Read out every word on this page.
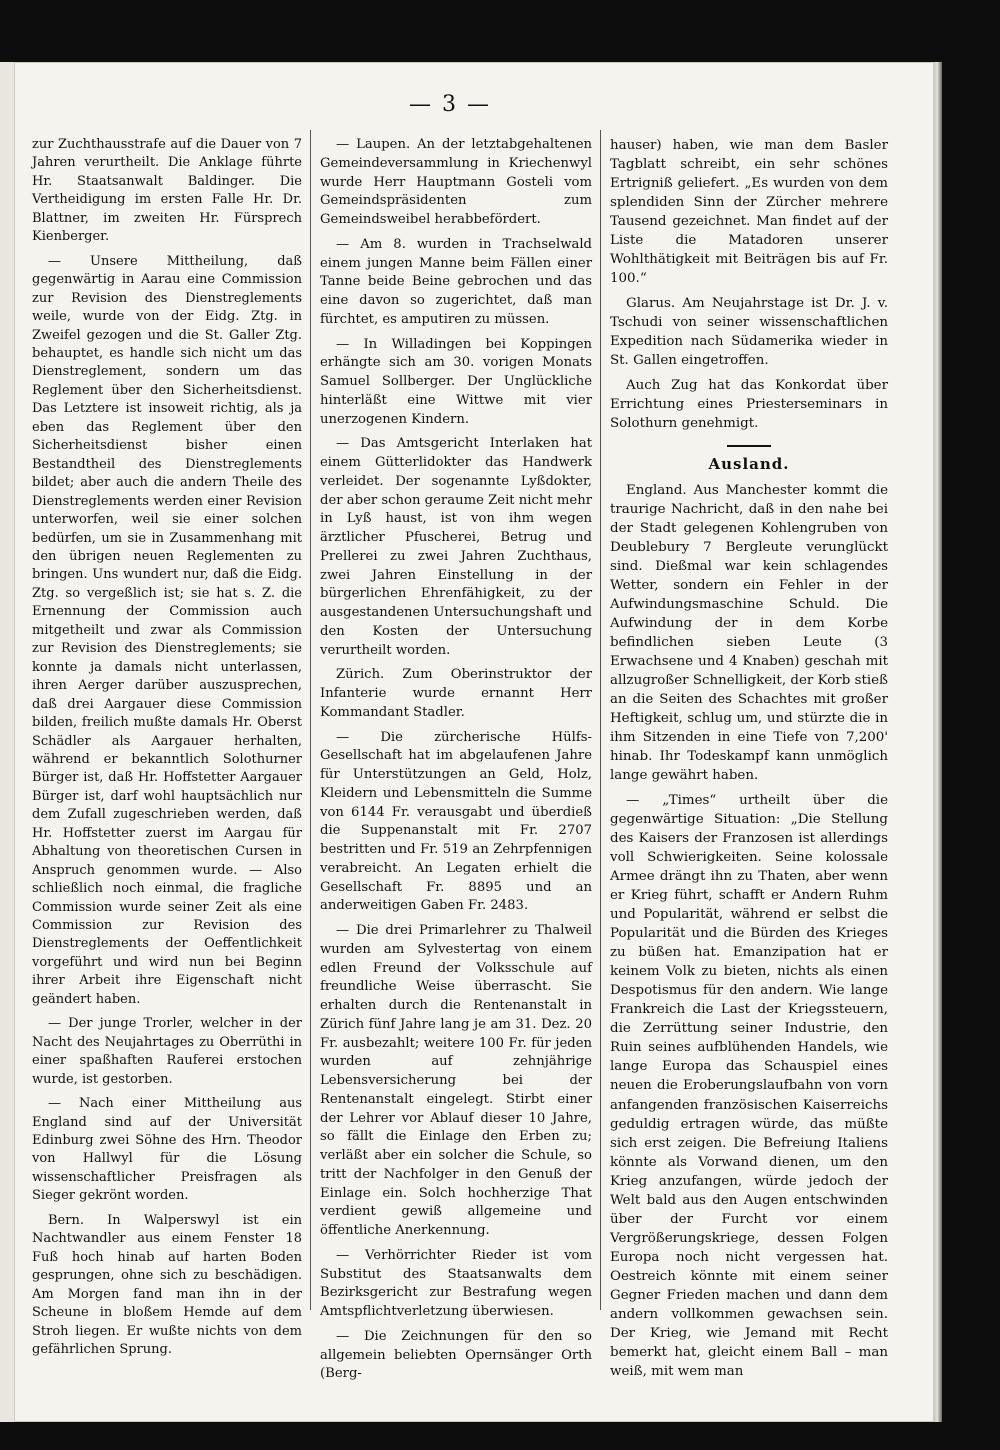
— 3 —

zur Zuchthausstrafe auf die Dauer von 7 Jahren verurtheilt. Die Anklage führte Hr. Staatsanwalt Baldinger. Die Vertheidigung im ersten Falle Hr. Dr. Blattner, im zweiten Hr. Fürsprech Kienberger.

— Unsere Mittheilung, daß gegenwärtig in Aarau eine Commission zur Revision des Dienstreglements weile, wurde von der Eidg. Ztg. in Zweifel gezogen und die St. Galler Ztg. behauptet, es handle sich nicht um das Dienstreglement, sondern um das Reglement über den Sicherheitsdienst. Das Letztere ist insoweit richtig, als ja eben das Reglement über den Sicherheitsdienst bisher einen Bestandtheil des Dienstreglements bildet; aber auch die andern Theile des Dienstreglements werden einer Revision unterworfen, weil sie einer solchen bedürfen, um sie in Zusammenhang mit den übrigen neuen Reglementen zu bringen. Uns wundert nur, daß die Eidg. Ztg. so vergeßlich ist; sie hat s. Z. die Ernennung der Commission auch mitgetheilt und zwar als Commission zur Revision des Dienstreglements; sie konnte ja damals nicht unterlassen, ihren Aerger darüber auszusprechen, daß drei Aargauer diese Commission bilden, freilich mußte damals Hr. Oberst Schädler als Aargauer herhalten, während er bekanntlich Solothurner Bürger ist, daß Hr. Hoffstetter Aargauer Bürger ist, darf wohl hauptsächlich nur dem Zufall zugeschrieben werden, daß Hr. Hoffstetter zuerst im Aargau für Abhaltung von theoretischen Cursen in Anspruch genommen wurde. — Also schließlich noch einmal, die fragliche Commission wurde seiner Zeit als eine Commission zur Revision des Dienstreglements der Oeffentlichkeit vorgeführt und wird nun bei Beginn ihrer Arbeit ihre Eigenschaft nicht geändert haben.

— Der junge Trorler, welcher in der Nacht des Neujahrtages zu Oberrüthi in einer spaßhaften Rauferei erstochen wurde, ist gestorben.

— Nach einer Mittheilung aus England sind auf der Universität Edinburg zwei Söhne des Hrn. Theodor von Hallwyl für die Lösung wissenschaftlicher Preisfragen als Sieger gekrönt worden.

Bern. In Walperswyl ist ein Nachtwandler aus einem Fenster 18 Fuß hoch hinab auf harten Boden gesprungen, ohne sich zu beschädigen. Am Morgen fand man ihn in der Scheune in bloßem Hemde auf dem Stroh liegen. Er wußte nichts von dem gefährlichen Sprung.

— Laupen. An der letztabgehaltenen Gemeindeversammlung in Kriechenwyl wurde Herr Hauptmann Gosteli vom Gemeindspräsidenten zum Gemeindsweibel herabbefördert.

— Am 8. wurden in Trachselwald einem jungen Manne beim Fällen einer Tanne beide Beine gebrochen und das eine davon so zugerichtet, daß man fürchtet, es amputiren zu müssen.

— In Willadingen bei Koppingen erhängte sich am 30. vorigen Monats Samuel Sollberger. Der Unglückliche hinterläßt eine Wittwe mit vier unerzogenen Kindern.

— Das Amtsgericht Interlaken hat einem Gütterlidokter das Handwerk verleidet. Der sogenannte Lyßdokter, der aber schon geraume Zeit nicht mehr in Lyß haust, ist von ihm wegen ärztlicher Pfuscherei, Betrug und Prellerei zu zwei Jahren Zuchthaus, zwei Jahren Einstellung in der bürgerlichen Ehrenfähigkeit, zu der ausgestandenen Untersuchungshaft und den Kosten der Untersuchung verurtheilt worden.

Zürich. Zum Oberinstruktor der Infanterie wurde ernannt Herr Kommandant Stadler.

— Die zürcherische Hülfs-Gesellschaft hat im abgelaufenen Jahre für Unterstützungen an Geld, Holz, Kleidern und Lebensmitteln die Summe von 6144 Fr. verausgabt und überdieß die Suppenanstalt mit Fr. 2707 bestritten und Fr. 519 an Zehrpfennigen verabreicht. An Legaten erhielt die Gesellschaft Fr. 8895 und an anderweitigen Gaben Fr. 2483.

— Die drei Primarlehrer zu Thalweil wurden am Sylvestertag von einem edlen Freund der Volksschule auf freundliche Weise überrascht. Sie erhalten durch die Rentenanstalt in Zürich fünf Jahre lang je am 31. Dez. 20 Fr. ausbezahlt; weitere 100 Fr. für jeden wurden auf zehnjährige Lebensversicherung bei der Rentenanstalt eingelegt. Stirbt einer der Lehrer vor Ablauf dieser 10 Jahre, so fällt die Einlage den Erben zu; verläßt aber ein solcher die Schule, so tritt der Nachfolger in den Genuß der Einlage ein. Solch hochherzige That verdient gewiß allgemeine und öffentliche Anerkennung.

— Verhörrichter Rieder ist vom Substitut des Staatsanwalts dem Bezirksgericht zur Bestrafung wegen Amtspflichtverletzung überwiesen.

— Die Zeichnungen für den so allgemein beliebten Opernsänger Orth (Berg-

hauser) haben, wie man dem Basler Tagblatt schreibt, ein sehr schönes Ertrigniß geliefert. „Es wurden von dem splendiden Sinn der Zürcher mehrere Tausend gezeichnet. Man findet auf der Liste die Matadoren unserer Wohlthätigkeit mit Beiträgen bis auf Fr. 100.“

Glarus. Am Neujahrstage ist Dr. J. v. Tschudi von seiner wissenschaftlichen Expedition nach Südamerika wieder in St. Gallen eingetroffen.

Auch Zug hat das Konkordat über Errichtung eines Priesterseminars in Solothurn genehmigt.

Ausland.

England. Aus Manchester kommt die traurige Nachricht, daß in den nahe bei der Stadt gelegenen Kohlengruben von Deublebury 7 Bergleute verunglückt sind. Dießmal war kein schlagendes Wetter, sondern ein Fehler in der Aufwindungsmaschine Schuld. Die Aufwindung der in dem Korbe befindlichen sieben Leute (3 Erwachsene und 4 Knaben) geschah mit allzugroßer Schnelligkeit, der Korb stieß an die Seiten des Schachtes mit großer Heftigkeit, schlug um, und stürzte die in ihm Sitzenden in eine Tiefe von 7,200' hinab. Ihr Todeskampf kann unmöglich lange gewährt haben.

— „Times“ urtheilt über die gegenwärtige Situation: „Die Stellung des Kaisers der Franzosen ist allerdings voll Schwierigkeiten. Seine kolossale Armee drängt ihn zu Thaten, aber wenn er Krieg führt, schafft er Andern Ruhm und Popularität, während er selbst die Popularität und die Bürden des Krieges zu büßen hat. Emanzipation hat er keinem Volk zu bieten, nichts als einen Despotismus für den andern. Wie lange Frankreich die Last der Kriegssteuern, die Zerrüttung seiner Industrie, den Ruin seines aufblühenden Handels, wie lange Europa das Schauspiel eines neuen die Eroberungslaufbahn von vorn anfangenden französischen Kaiserreichs geduldig ertragen würde, das müßte sich erst zeigen. Die Befreiung Italiens könnte als Vorwand dienen, um den Krieg anzufangen, würde jedoch der Welt bald aus den Augen entschwinden über der Furcht vor einem Vergrößerungskriege, dessen Folgen Europa noch nicht vergessen hat. Oestreich könnte mit einem seiner Gegner Frieden machen und dann dem andern vollkommen gewachsen sein. Der Krieg, wie Jemand mit Recht bemerkt hat, gleicht einem Ball – man weiß, mit wem man
